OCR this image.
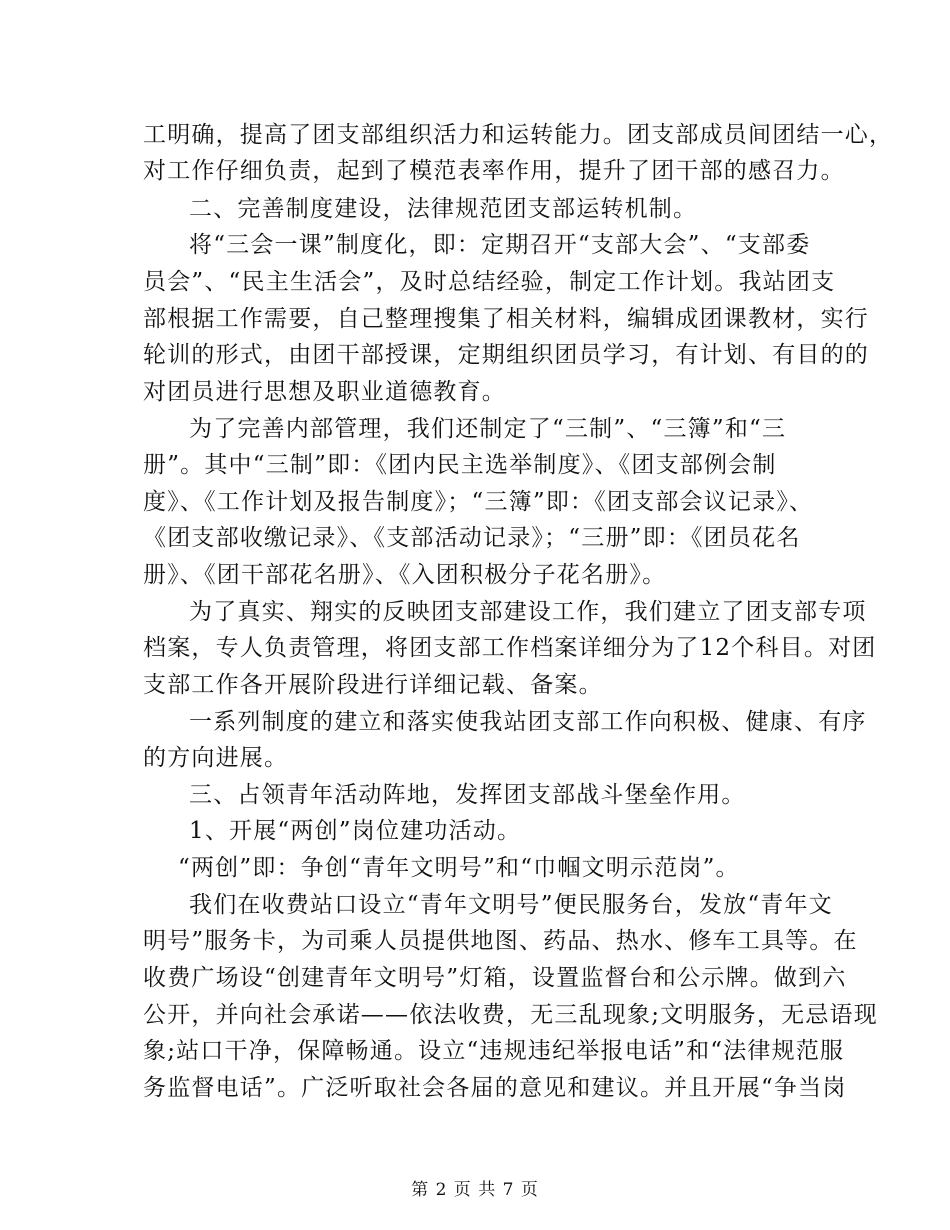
工明确，提高了团支部组织活力和运转能力。团支部成员间团结一心，
对工作仔细负责，起到了模范表率作用，提升了团干部的感召力。
二、完善制度建设，法律规范团支部运转机制。
将“三会一课”制度化，即：定期召开“支部大会”、“支部委
员会”、“民主生活会”，及时总结经验，制定工作计划。我站团支
部根据工作需要，自己整理搜集了相关材料，编辑成团课教材，实行
轮训的形式，由团干部授课，定期组织团员学习，有计划、有目的的
对团员进行思想及职业道德教育。
为了完善内部管理，我们还制定了“三制”、“三簿”和“三
册”。其中“三制”即：《团内民主选举制度》、《团支部例会制
度》、《工作计划及报告制度》；“三簿”即：《团支部会议记录》、
《团支部收缴记录》、《支部活动记录》；“三册”即：《团员花名
册》、《团干部花名册》、《入团积极分子花名册》。
为了真实、翔实的反映团支部建设工作，我们建立了团支部专项
档案，专人负责管理，将团支部工作档案详细分为了12个科目。对团
支部工作各开展阶段进行详细记载、备案。
一系列制度的建立和落实使我站团支部工作向积极、健康、有序
的方向进展。
三、占领青年活动阵地，发挥团支部战斗堡垒作用。
1、开展“两创”岗位建功活动。
“两创”即：争创“青年文明号”和“巾帼文明示范岗”。
我们在收费站口设立“青年文明号”便民服务台，发放“青年文
明号”服务卡，为司乘人员提供地图、药品、热水、修车工具等。在
收费广场设“创建青年文明号”灯箱，设置监督台和公示牌。做到六
公开，并向社会承诺——依法收费，无三乱现象;文明服务，无忌语现
象;站口干净，保障畅通。设立“违规违纪举报电话”和“法律规范服
务监督电话”。广泛听取社会各届的意见和建议。并且开展“争当岗
第 2 页 共 7 页
